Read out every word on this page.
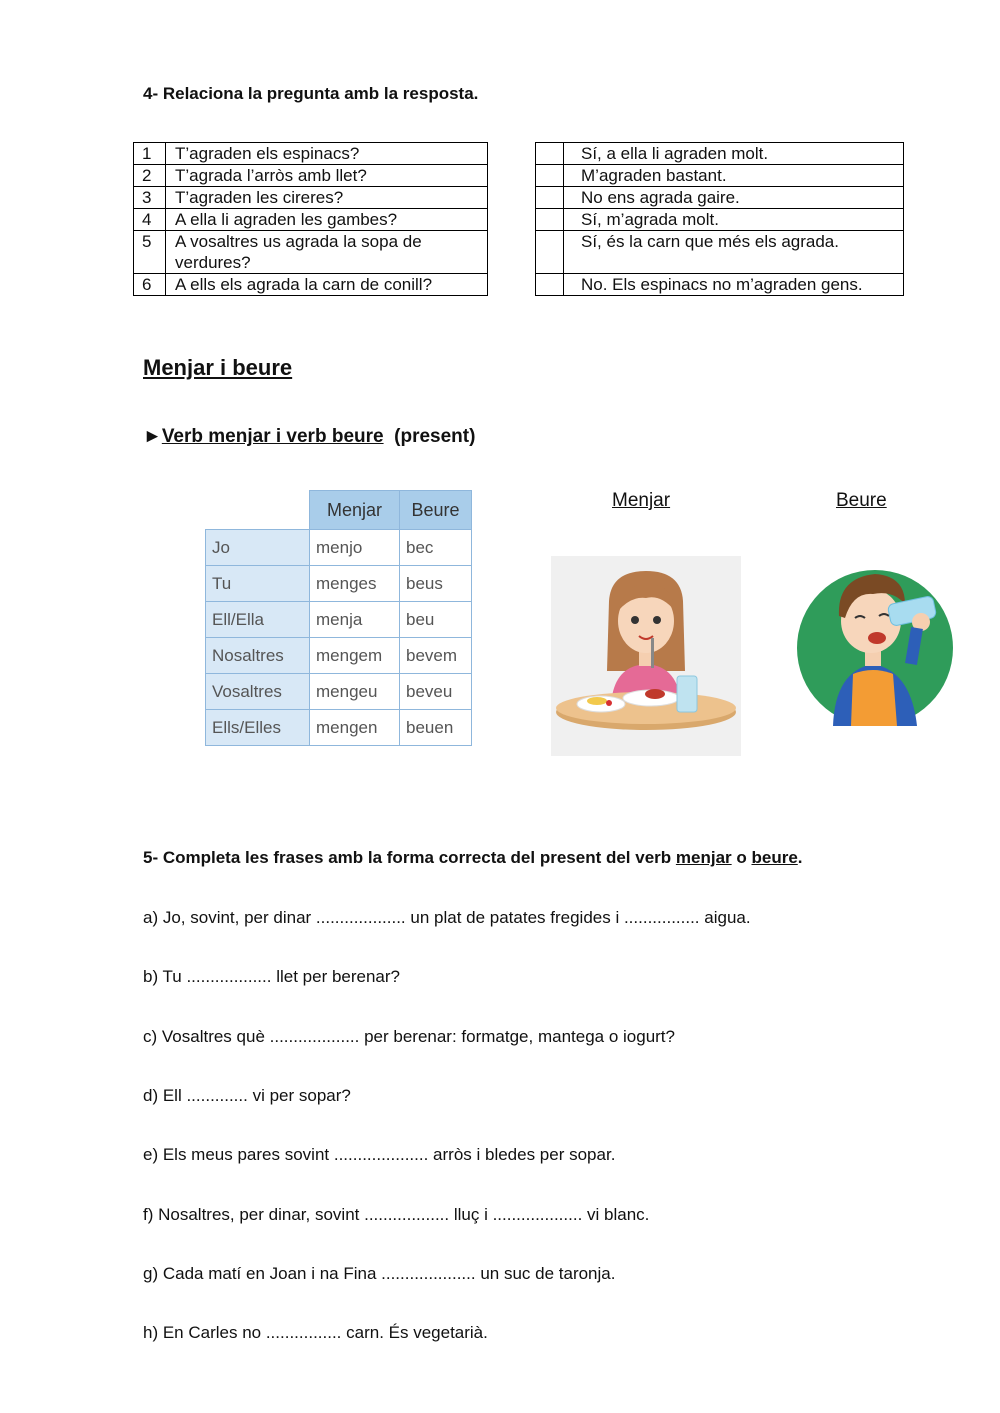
4- Relaciona la pregunta amb la resposta.
1	T’agraden els espinacs?
2	T’agrada l’arròs amb llet?
3	T’agraden les cireres?
4	A ella li agraden les gambes?
5	A vosaltres us agrada la sopa de verdures?
6	A ells els agrada la carn de conill?
	Sí, a ella li agraden molt.
	M’agraden bastant.
	No ens agrada gaire.
	Sí, m’agrada molt.
	Sí, és la carn que més els agrada.
	No. Els espinacs no m’agraden gens.
Menjar i beure
►Verb menjar i verb beure (present)
	Menjar	Beure
Jo	menjo	bec
Tu	menges	beus
Ell/Ella	menja	beu
Nosaltres	mengem	bevem
Vosaltres	mengeu	beveu
Ells/Elles	mengen	beuen
Menjar	Beure
5- Completa les frases amb la forma correcta del present del verb menjar o beure.
a) Jo, sovint, per dinar ................... un plat de patates fregides i ................ aigua.
b) Tu .................. llet per berenar?
c) Vosaltres què ................... per berenar: formatge, mantega o iogurt?
d) Ell ............. vi per sopar?
e) Els meus pares sovint .................... arròs i bledes per sopar.
f) Nosaltres, per dinar, sovint .................. lluç i ................... vi blanc.
g) Cada matí en Joan i na Fina .................... un suc de taronja.
h) En Carles no ................ carn. És vegetarià.
